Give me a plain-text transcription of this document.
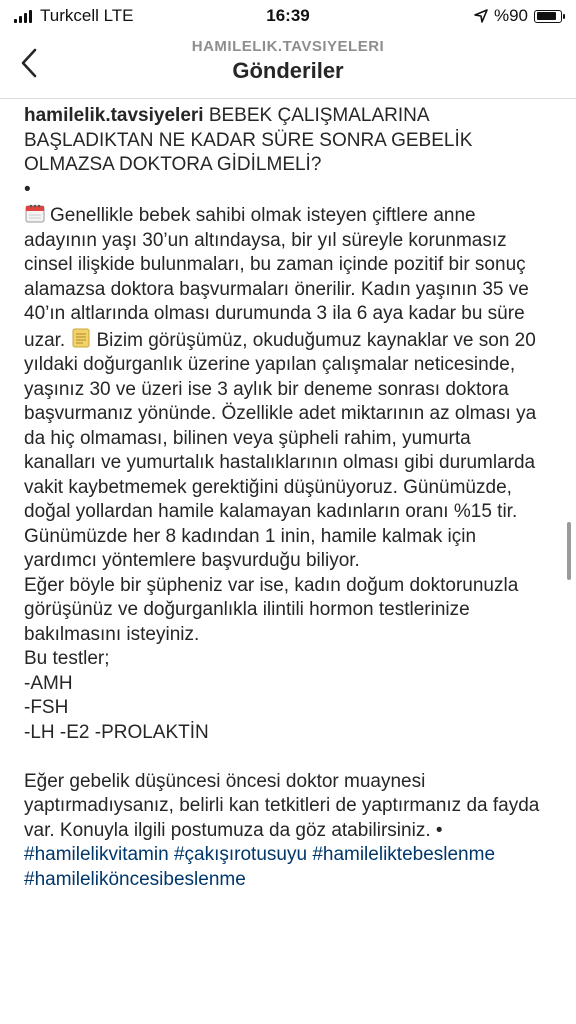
Turkcell LTE	16:39	%90
HAMILELIK.TAVSIYELERI
Gönderiler

hamilelik.tavsiyeleri BEBEK ÇALIŞMALARINA BAŞLADIKTAN NE KADAR SÜRE SONRA GEBELİK OLMAZSA DOKTORA GİDİLMELİ?

•

Genellikle bebek sahibi olmak isteyen çiftlere anne adayının yaşı 30’un altındaysa, bir yıl süreyle korunmasız cinsel ilişkide bulunmaları, bu zaman içinde pozitif bir sonuç alamazsa doktora başvurmaları önerilir. Kadın yaşının 35 ve 40’ın altlarında olması durumunda 3 ila 6 aya kadar bu süre uzar. Bizim görüşümüz, okuduğumuz kaynaklar ve son 20 yıldaki doğurganlık üzerine yapılan çalışmalar neticesinde, yaşınız 30 ve üzeri ise 3 aylık bir deneme sonrası doktora başvurmanız yönünde. Özellikle adet miktarının az olması ya da hiç olmaması, bilinen veya şüpheli rahim, yumurta kanalları ve yumurtalık hastalıklarının olması gibi durumlarda vakit kaybetmemek gerektiğini düşünüyoruz. Günümüzde, doğal yollardan hamile kalamayan kadınların oranı %15 tir.

Günümüzde her 8 kadından 1 inin, hamile kalmak için yardımcı yöntemlere başvurduğu biliyor.

Eğer böyle bir şüpheniz var ise, kadın doğum doktorunuzla görüşünüz ve doğurganlıkla ilintili hormon testlerinize bakılmasını isteyiniz.

Bu testler;

-AMH

-FSH

-LH -E2 -PROLAKTİN

Eğer gebelik düşüncesi öncesi doktor muaynesi yaptırmadıysanız, belirli kan tetkitleri de yaptırmanız da fayda var. Konuyla ilgili postumuza da göz atabilirsiniz. •

#hamilelikvitamin #çakışırotusuyu #hamileliktebeslenme #hamileliköncesibeslenme
